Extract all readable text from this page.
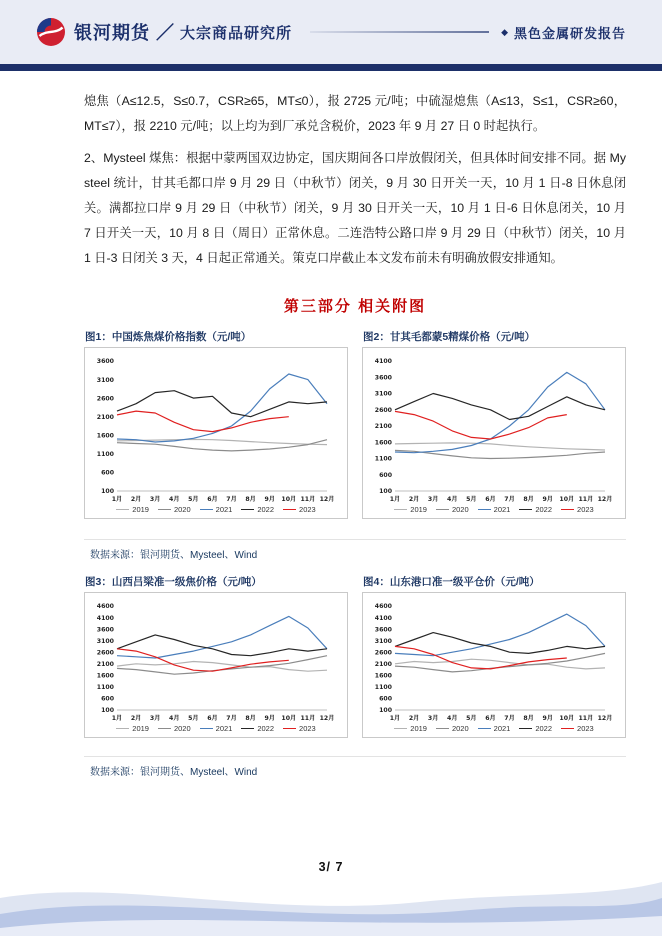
银河期货 ／ 大宗商品研究所	◆ 黑色金属研发报告

熄焦（A≤12.5，S≤0.7，CSR≥65，MT≤0），报 2725 元/吨；中硫湿熄焦（A≤13，S≤1，CSR≥60，MT≤7），报 2210 元/吨；以上均为到厂承兑含税价，2023 年 9 月 27 日 0 时起执行。

2、Mysteel 煤焦：根据中蒙两国双边协定，国庆期间各口岸放假闭关，但具体时间安排不同。据 Mysteel 统计，甘其毛都口岸 9 月 29 日（中秋节）闭关，9 月 30 日开关一天，10 月 1 日-8 日休息闭关。满都拉口岸 9 月 29 日（中秋节）闭关，9 月 30 日开关一天，10 月 1 日-6 日休息闭关，10 月 7 日开关一天，10 月 8 日（周日）正常休息。二连浩特公路口岸 9 月 29 日（中秋节）闭关，10 月 1 日-3 日闭关 3 天，4 日起正常通关。策克口岸截止本文发布前未有明确放假安排通知。

第三部分 相关附图
图1：中国炼焦煤价格指数（元/吨）
100
600
1100
1600
2100
2600
3100
3600
1月 2月 3月 4月 5月 6月 7月 8月 9月 10月 11月 12月
2019	2020	2021	2022	2023
图2：甘其毛都蒙5精煤价格（元/吨）
100
600
1100
1600
2100
2600
3100
3600
4100
1月 2月 3月 4月 5月 6月 7月 8月 9月 10月 11月 12月
2019	2020	2021	2022	2023
数据来源：银河期货、Mysteel、Wind
图3：山西吕梁准一级焦价格（元/吨）
100
600
1100
1600
2100
2600
3100
3600
4100
4600
1月 2月 3月 4月 5月 6月 7月 8月 9月 10月 11月 12月
2019	2020	2021	2022	2023
图4：山东港口准一级平仓价（元/吨）
100
600
1100
1600
2100
2600
3100
3600
4100
4600
1月 2月 3月 4月 5月 6月 7月 8月 9月 10月 11月 12月
2019	2020	2021	2022	2023
数据来源：银河期货、Mysteel、Wind
3/ 7
